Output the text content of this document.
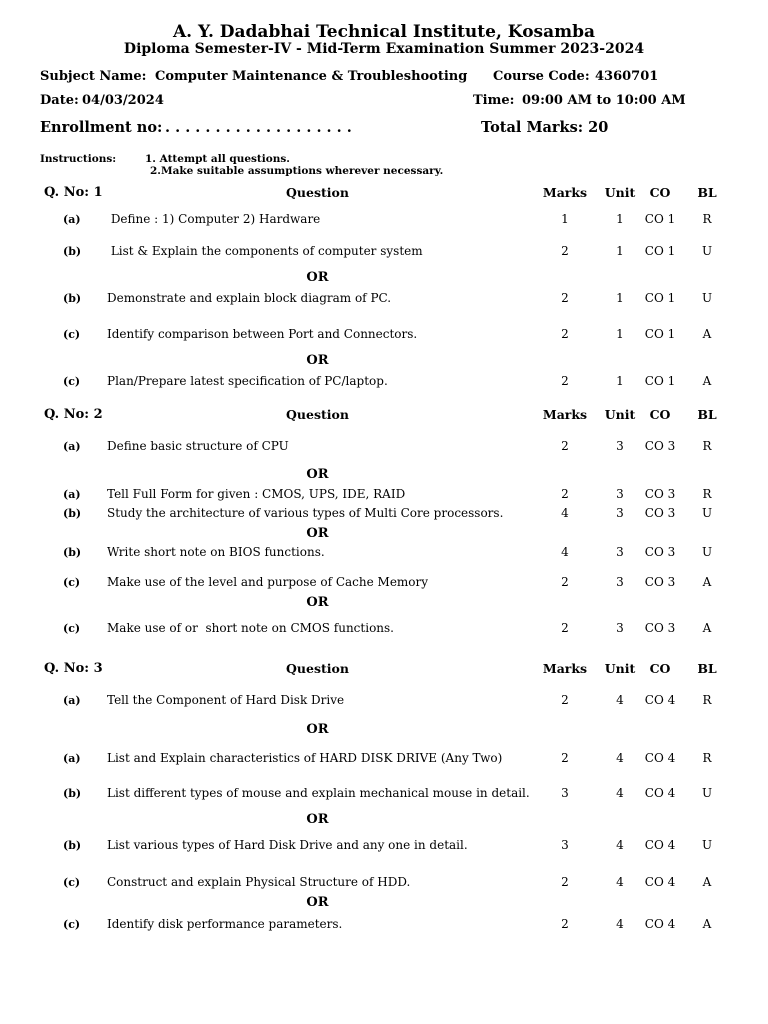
A. Y. Dadabhai Technical Institute, Kosamba
Diploma Semester-IV - Mid-Term Examination Summer 2023-2024
Subject Name: Computer Maintenance & Troubleshooting Course Code: 4360701
Date: 04/03/2024	Time: 09:00 AM to 10:00 AM
Enrollment no: . . . . . . . . . . . . . . . . . . .	Total Marks: 20
Instructions:	1. Attempt all questions.
2.Make suitable assumptions wherever necessary.
Q. No: 1	Question	Marks	Unit	CO	BL
(a) Define : 1) Computer 2) Hardware	1	1	CO 1	R
(b) List & Explain the components of computer system	2	1	CO 1	U
(b) Demonstrate and explain block diagram of PC.	2	1	CO 1	U
(c) Identify comparison between Port and Connectors.	2	1	CO 1	A
(c) Plan/Prepare latest specification of PC/laptop.	2	1	CO 1	A
OR
OR
Q. No: 2	Question	Marks	Unit	CO	BL
(a) Define basic structure of CPU	2	3	CO 3	R
(a) Tell Full Form for given : CMOS, UPS, IDE, RAID	2	3	CO 3	R
(b) Study the architecture of various types of Multi Core processors.	4	3	CO 3	U
(b) Write short note on BIOS functions.	4	3	CO 3	U
(c) Make use of the level and purpose of Cache Memory	2	3	CO 3	A
(c) Make use of or  short note on CMOS functions.	2	3	CO 3	A
OR
OR
OR
Q. No: 3	Question	Marks	Unit	CO	BL
(a) Tell the Component of Hard Disk Drive	2	4	CO 4	R
(a) List and Explain characteristics of HARD DISK DRIVE (Any Two)	2	4	CO 4	R
(b) List different types of mouse and explain mechanical mouse in detail.	3	4	CO 4	U
(b) List various types of Hard Disk Drive and any one in detail.	3	4	CO 4	U
(c) Construct and explain Physical Structure of HDD.	2	4	CO 4	A
(c) Identify disk performance parameters.	2	4	CO 4	A
OR
OR
OR
